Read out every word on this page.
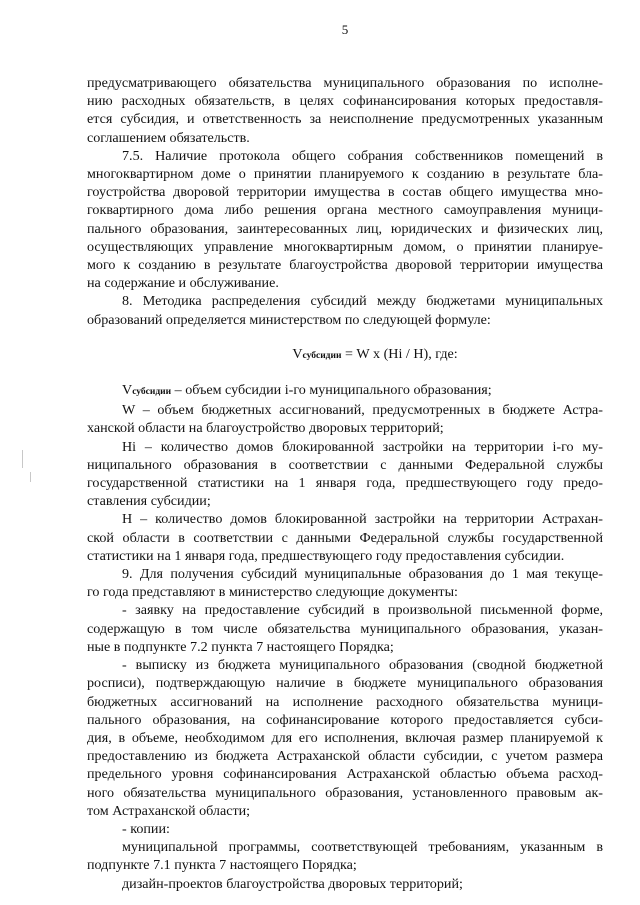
5
предусматривающего обязательства муниципального образования по исполне-
нию расходных обязательств, в целях софинансирования которых предоставля-
ется субсидия, и ответственность за неисполнение предусмотренных указанным
соглашением обязательств.
7.5. Наличие протокола общего собрания собственников помещений в
многоквартирном доме о принятии планируемого к созданию в результате бла-
гоустройства дворовой территории имущества в состав общего имущества мно-
гоквартирного дома либо решения органа местного самоуправления муници-
пального образования, заинтересованных лиц, юридических и физических лиц,
осуществляющих управление многоквартирным домом, о принятии планируе-
мого к созданию в результате благоустройства дворовой территории имущества
на содержание и обслуживание.
8. Методика распределения субсидий между бюджетами муниципальных
образований определяется министерством по следующей формуле:
Vсубсидии = W x (Hi / H), где:
Vсубсидии – объем субсидии i-го муниципального образования;
W – объем бюджетных ассигнований, предусмотренных в бюджете Астра-
ханской области на благоустройство дворовых территорий;
Hi – количество домов блокированной застройки на территории i-го му-
ниципального образования в соответствии с данными Федеральной службы
государственной статистики на 1 января года, предшествующего году предо-
ставления субсидии;
H – количество домов блокированной застройки на территории Астрахан-
ской области в соответствии с данными Федеральной службы государственной
статистики на 1 января года, предшествующего году предоставления субсидии.
9. Для получения субсидий муниципальные образования до 1 мая текуще-
го года представляют в министерство следующие документы:
- заявку на предоставление субсидий в произвольной письменной форме,
содержащую в том числе обязательства муниципального образования, указан-
ные в подпункте 7.2 пункта 7 настоящего Порядка;
- выписку из бюджета муниципального образования (сводной бюджетной
росписи), подтверждающую наличие в бюджете муниципального образования
бюджетных ассигнований на исполнение расходного обязательства муници-
пального образования, на софинансирование которого предоставляется субси-
дия, в объеме, необходимом для его исполнения, включая размер планируемой к
предоставлению из бюджета Астраханской области субсидии, с учетом размера
предельного уровня софинансирования Астраханской областью объема расход-
ного обязательства муниципального образования, установленного правовым ак-
том Астраханской области;
- копии:
муниципальной программы, соответствующей требованиям, указанным в
подпункте 7.1 пункта 7 настоящего Порядка;
дизайн-проектов благоустройства дворовых территорий;
